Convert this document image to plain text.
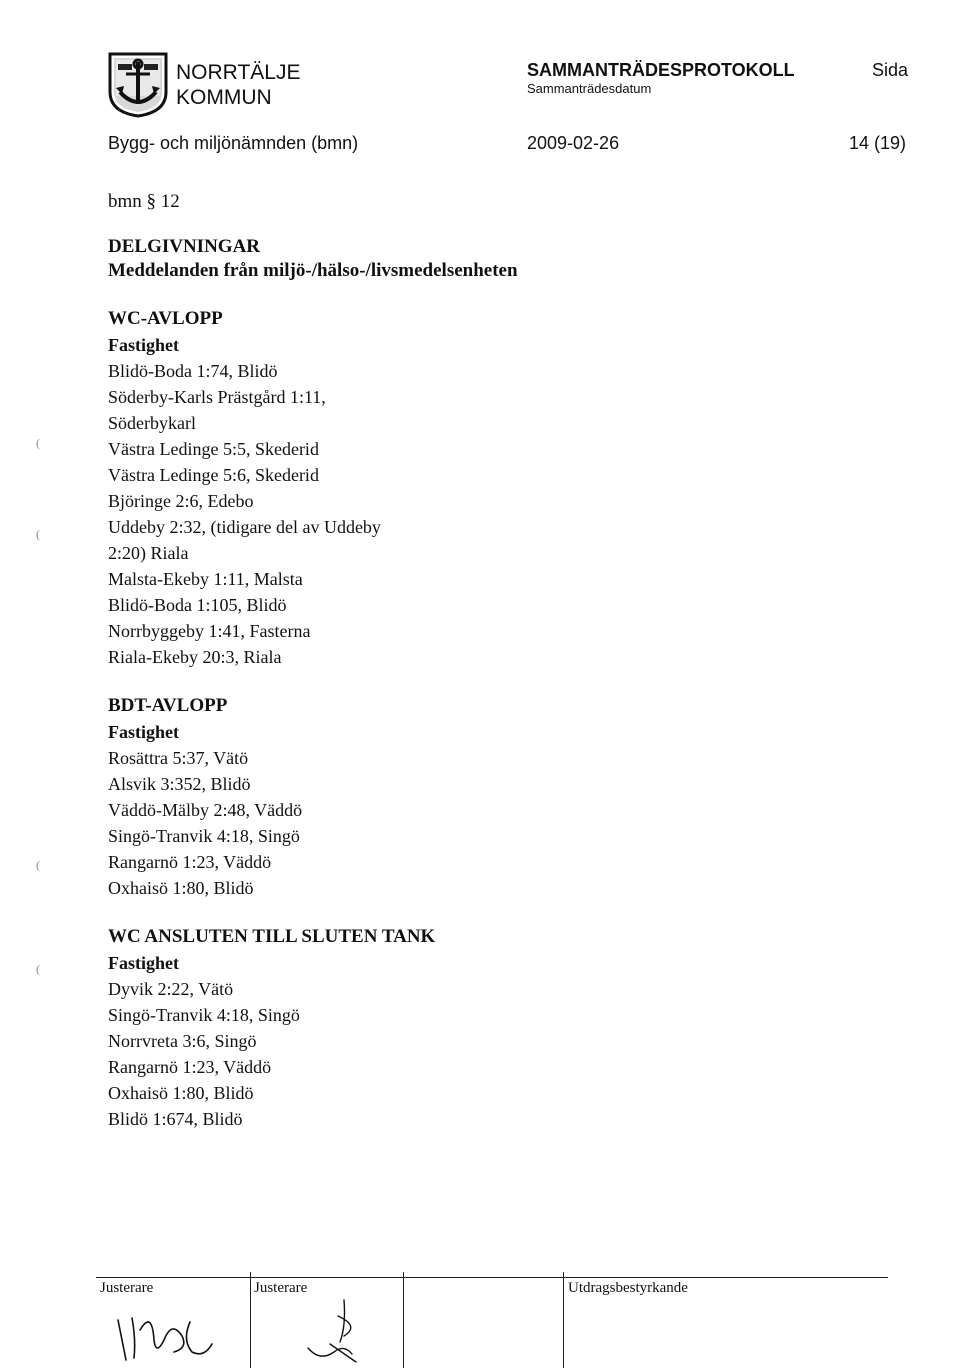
NORRTÄLJE
KOMMUN
SAMMANTRÄDESPROTOKOLL
Sammanträdesdatum
Sida
Bygg- och miljönämnden (bmn)	2009-02-26	14 (19)
bmn § 12
DELGIVNINGAR
Meddelanden från miljö-/hälso-/livsmedelsenheten
WC-AVLOPP
Fastighet
Blidö-Boda 1:74, Blidö
Söderby-Karls Prästgård 1:11,
Söderbykarl
Västra Ledinge 5:5, Skederid
Västra Ledinge 5:6, Skederid
Björinge 2:6, Edebo
Uddeby 2:32, (tidigare del av Uddeby
2:20) Riala
Malsta-Ekeby 1:11, Malsta
Blidö-Boda 1:105, Blidö
Norrbyggeby 1:41, Fasterna
Riala-Ekeby 20:3, Riala
BDT-AVLOPP
Fastighet
Rosättra 5:37, Vätö
Alsvik 3:352, Blidö
Väddö-Mälby 2:48, Väddö
Singö-Tranvik 4:18, Singö
Rangarnö 1:23, Väddö
Oxhaisö 1:80, Blidö
WC ANSLUTEN TILL SLUTEN TANK
Fastighet
Dyvik 2:22, Vätö
Singö-Tranvik 4:18, Singö
Norrvreta 3:6, Singö
Rangarnö 1:23, Väddö
Oxhaisö 1:80, Blidö
Blidö 1:674, Blidö
(
(
(
(
Justerare	Justerare	Utdragsbestyrkande
